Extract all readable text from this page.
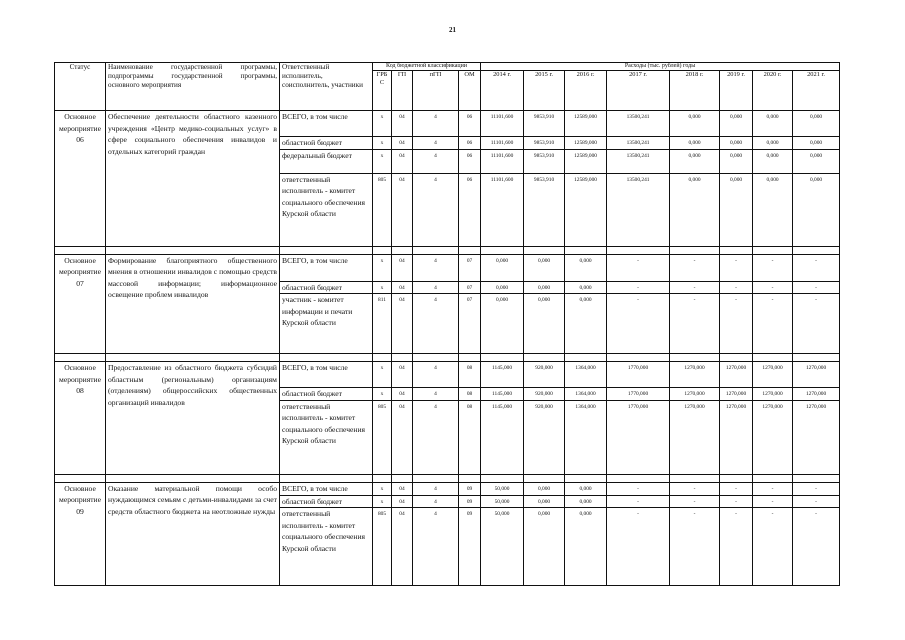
21
Статус	Наименование государственной программы, подпрограммы государственной программы, основного мероприятия	Ответственный исполнитель, соисполнитель, участники	Код бюджетной классификации				Расходы (тыс. рублей) годы							
			ГРБ С	ГП	пГП	ОМ	2014 г.	2015 г.	2016 г.	2017 г.	2018 г.	2019 г.	2020 г.	2021 г.
Основное мероприятие 06	Обеспечение деятельности областного казенного учреждения «Центр медико-социальных услуг» в сфере социального обеспечения инвалидов и отдельных категорий граждан	ВСЕГО, в том числе	x	04	4	06	11101,600	9853,910	12589,000	13500,241	0,000	0,000	0,000	0,000
		областной бюджет	x	04	4	06	11101,600	9853,910	12589,000	13500,241	0,000	0,000	0,000	0,000
		федеральный бюджет	x	04	4	06	11101,600	9853,910	12589,000	13500,241	0,000	0,000	0,000	0,000
		ответственный исполнитель - комитет социального обеспечения Курской области	805	04	4	06	11101,600	9853,910	12589,000	13500,241	0,000	0,000	0,000	0,000

Основное мероприятие 07	Формирование благоприятного общественного мнения в отношении инвалидов с помощью средств массовой информации; информационное освещение проблем инвалидов	ВСЕГО, в том числе	x	04	4	07	0,000	0,000	0,000	-	-	-	-	-
		областной бюджет	x	04	4	07	0,000	0,000	0,000	-	-	-	-	-
		участник - комитет информации и печати Курской области	811	04	4	07	0,000	0,000	0,000	-	-	-	-	-

Основное мероприятие 08	Предоставление из областного бюджета субсидий областным (региональным) организациям (отделениям) общероссийских общественных организаций инвалидов	ВСЕГО, в том числе	x	04	4	08	1145,000	920,000	1364,000	1770,000	1270,000	1270,000	1270,000	1270,000
		областной бюджет	x	04	4	08	1145,000	920,000	1364,000	1770,000	1270,000	1270,000	1270,000	1270,000
		ответственный исполнитель - комитет социального обеспечения Курской области	805	04	4	08	1145,000	920,000	1364,000	1770,000	1270,000	1270,000	1270,000	1270,000

Основное мероприятие 09	Оказание материальной помощи особо нуждающимся семьям с детьми-инвалидами за счет средств областного бюджета на неотложные нужды	ВСЕГО, в том числе	x	04	4	09	50,000	0,000	0,000	-	-	-	-	-
		областной бюджет	x	04	4	09	50,000	0,000	0,000	-	-	-	-	-
		ответственный исполнитель - комитет социального обеспечения Курской области	805	04	4	09	50,000	0,000	0,000	-	-	-	-	-
